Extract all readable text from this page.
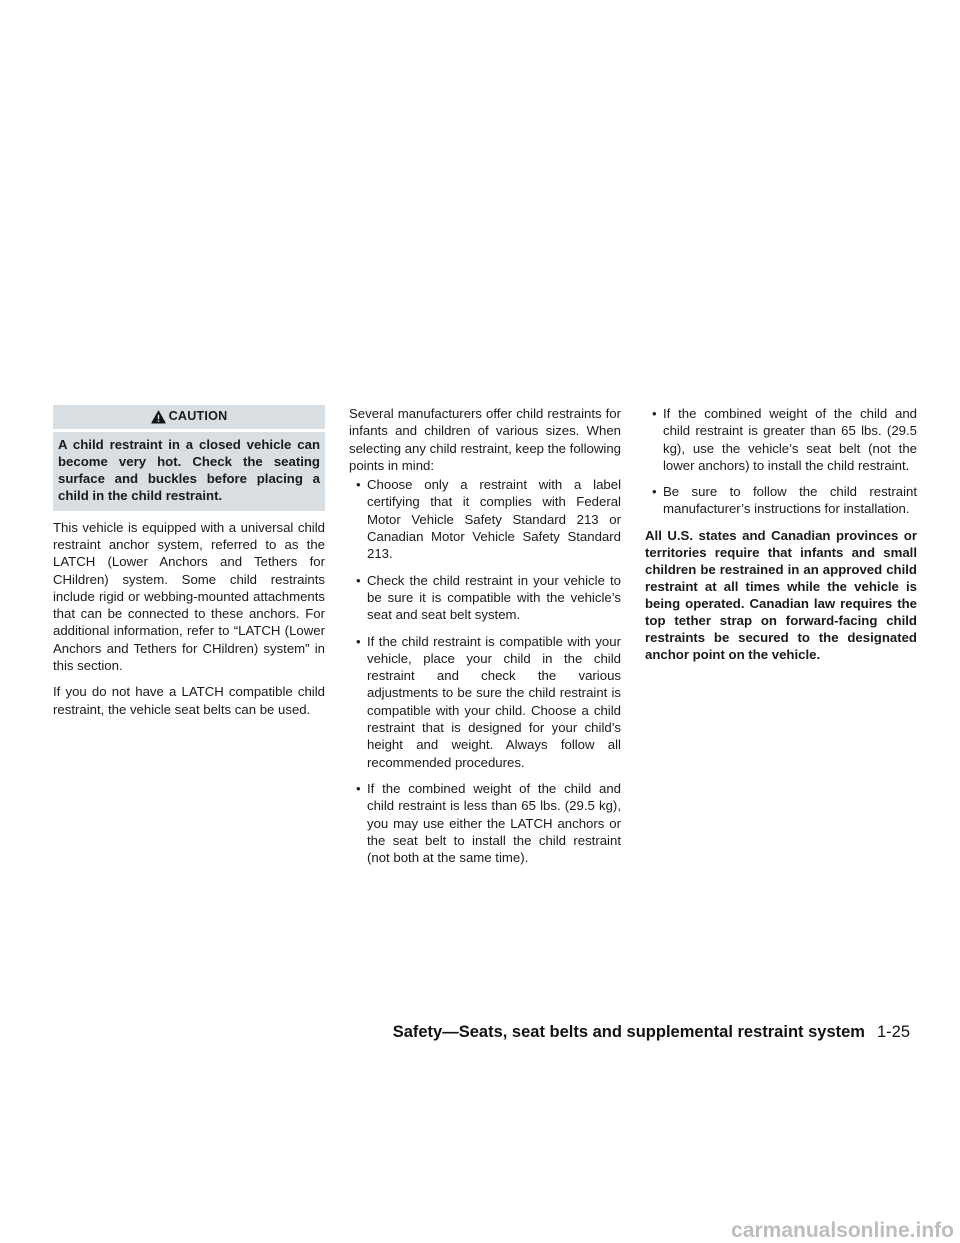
CAUTION
A child restraint in a closed vehicle can become very hot. Check the seating surface and buckles before placing a child in the child restraint.

This vehicle is equipped with a universal child restraint anchor system, referred to as the LATCH (Lower Anchors and Tethers for CHildren) system. Some child restraints include rigid or webbing-mounted attachments that can be connected to these anchors. For additional information, refer to “LATCH (Lower Anchors and Tethers for CHildren) system” in this section.

If you do not have a LATCH compatible child restraint, the vehicle seat belts can be used.

Several manufacturers offer child restraints for infants and children of various sizes. When selecting any child restraint, keep the following points in mind:

• Choose only a restraint with a label certifying that it complies with Federal Motor Vehicle Safety Standard 213 or Canadian Motor Vehicle Safety Standard 213.
• Check the child restraint in your vehicle to be sure it is compatible with the vehicle’s seat and seat belt system.
• If the child restraint is compatible with your vehicle, place your child in the child restraint and check the various adjustments to be sure the child restraint is compatible with your child. Choose a child restraint that is designed for your child’s height and weight. Always follow all recommended procedures.
• If the combined weight of the child and child restraint is less than 65 lbs. (29.5 kg), you may use either the LATCH anchors or the seat belt to install the child restraint (not both at the same time).
• If the combined weight of the child and child restraint is greater than 65 lbs. (29.5 kg), use the vehicle’s seat belt (not the lower anchors) to install the child restraint.
• Be sure to follow the child restraint manufacturer’s instructions for installation.

All U.S. states and Canadian provinces or territories require that infants and small children be restrained in an approved child restraint at all times while the vehicle is being operated. Canadian law requires the top tether strap on forward-facing child restraints be secured to the designated anchor point on the vehicle.

Safety—Seats, seat belts and supplemental restraint system 1-25
carmanualsonline.info
